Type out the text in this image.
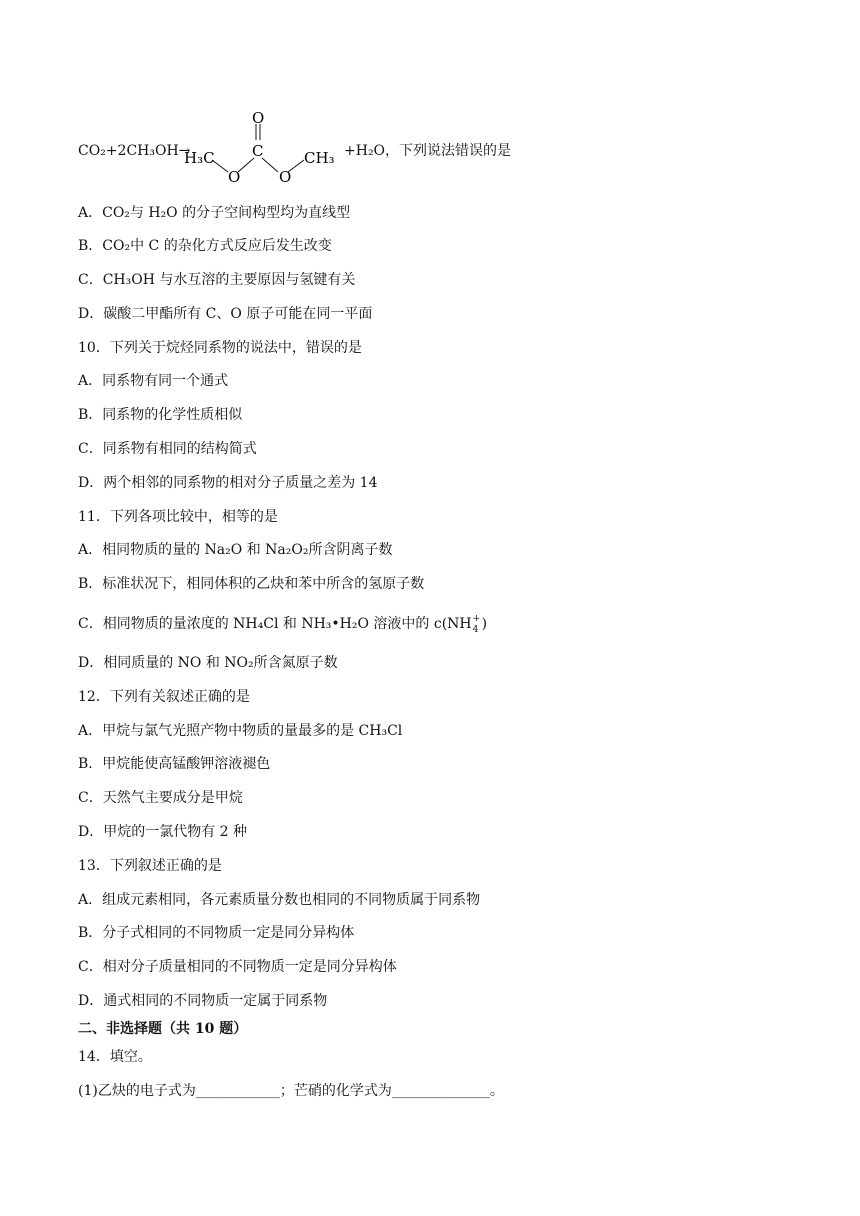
CO₂+2CH₃OH→
O
C
O	O
H₃C	CH₃ +H₂O，下列说法错误的是
A．CO₂与 H₂O 的分子空间构型均为直线型
B．CO₂中 C 的杂化方式反应后发生改变
C．CH₃OH 与水互溶的主要原因与氢键有关
D．碳酸二甲酯所有 C、O 原子可能在同一平面
10．下列关于烷烃同系物的说法中，错误的是
A．同系物有同一个通式
B．同系物的化学性质相似
C．同系物有相同的结构简式
D．两个相邻的同系物的相对分子质量之差为 14
11．下列各项比较中，相等的是
A．相同物质的量的 Na₂O 和 Na₂O₂所含阴离子数
B．标准状况下，相同体积的乙炔和苯中所含的氢原子数
C．相同物质的量浓度的 NH₄Cl 和 NH₃•H₂O 溶液中的 c(NH +
4 )
D．相同质量的 NO 和 NO₂所含氮原子数
12．下列有关叙述正确的是
A．甲烷与氯气光照产物中物质的量最多的是 CH₃Cl
B．甲烷能使高锰酸钾溶液褪色
C．天然气主要成分是甲烷
D．甲烷的一氯代物有 2 种
13．下列叙述正确的是
A．组成元素相同，各元素质量分数也相同的不同物质属于同系物
B．分子式相同的不同物质一定是同分异构体
C．相对分子质量相同的不同物质一定是同分异构体
D．通式相同的不同物质一定属于同系物
二、非选择题（共 10 题）
14．填空。
(1)乙炔的电子式为____________；芒硝的化学式为______________。
